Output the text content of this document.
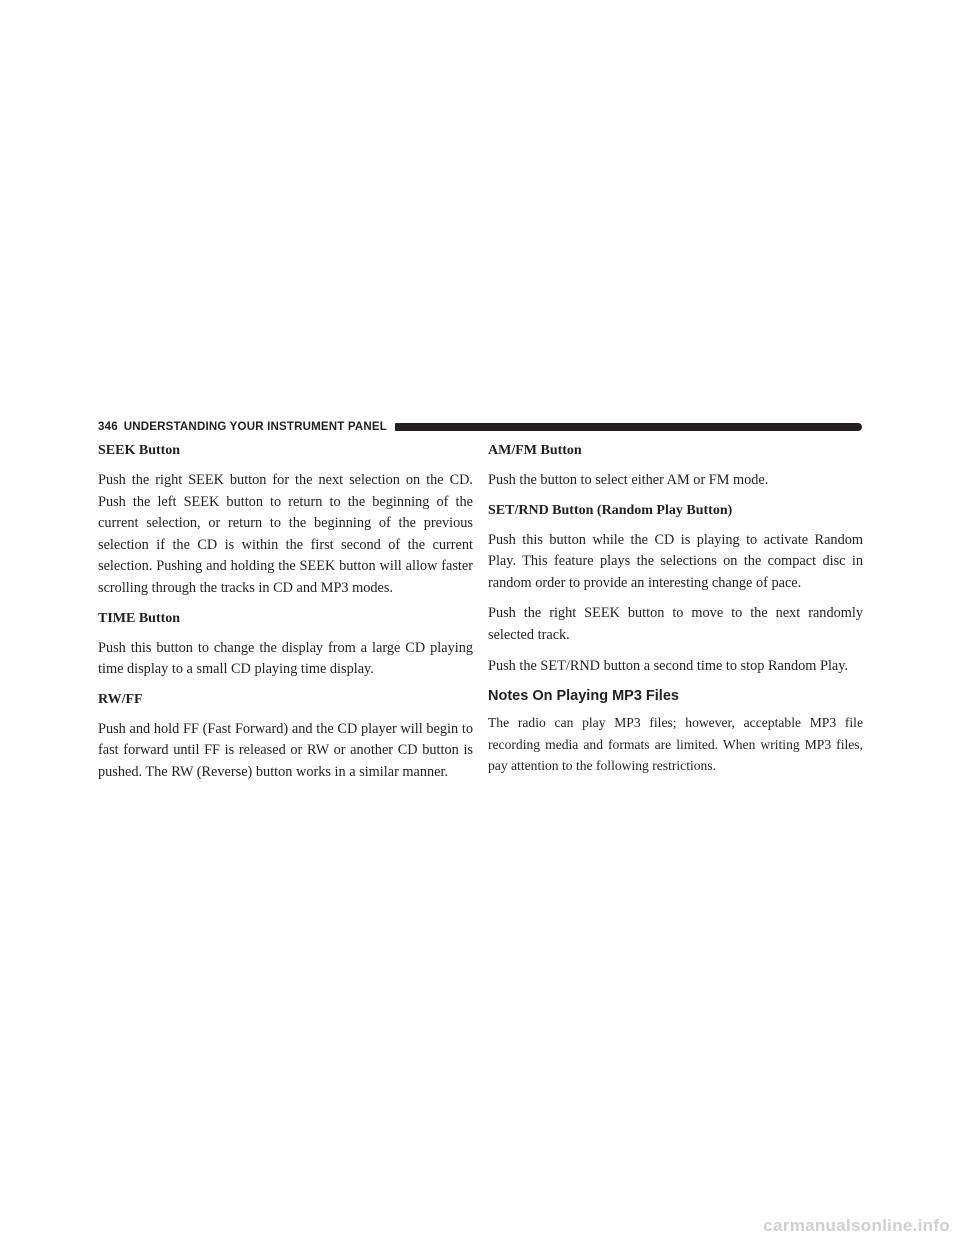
346 UNDERSTANDING YOUR INSTRUMENT PANEL
SEEK Button

Push the right SEEK button for the next selection on the CD. Push the left SEEK button to return to the beginning of the current selection, or return to the beginning of the previous selection if the CD is within the first second of the current selection. Pushing and holding the SEEK button will allow faster scrolling through the tracks in CD and MP3 modes.

TIME Button

Push this button to change the display from a large CD playing time display to a small CD playing time display.

RW/FF

Push and hold FF (Fast Forward) and the CD player will begin to fast forward until FF is released or RW or another CD button is pushed. The RW (Reverse) button works in a similar manner.

AM/FM Button

Push the button to select either AM or FM mode.

SET/RND Button (Random Play Button)

Push this button while the CD is playing to activate Random Play. This feature plays the selections on the compact disc in random order to provide an interesting change of pace.

Push the right SEEK button to move to the next randomly selected track.

Push the SET/RND button a second time to stop Random Play.

Notes On Playing MP3 Files

The radio can play MP3 files; however, acceptable MP3 file recording media and formats are limited. When writing MP3 files, pay attention to the following restrictions.

carmanualsonline.info
